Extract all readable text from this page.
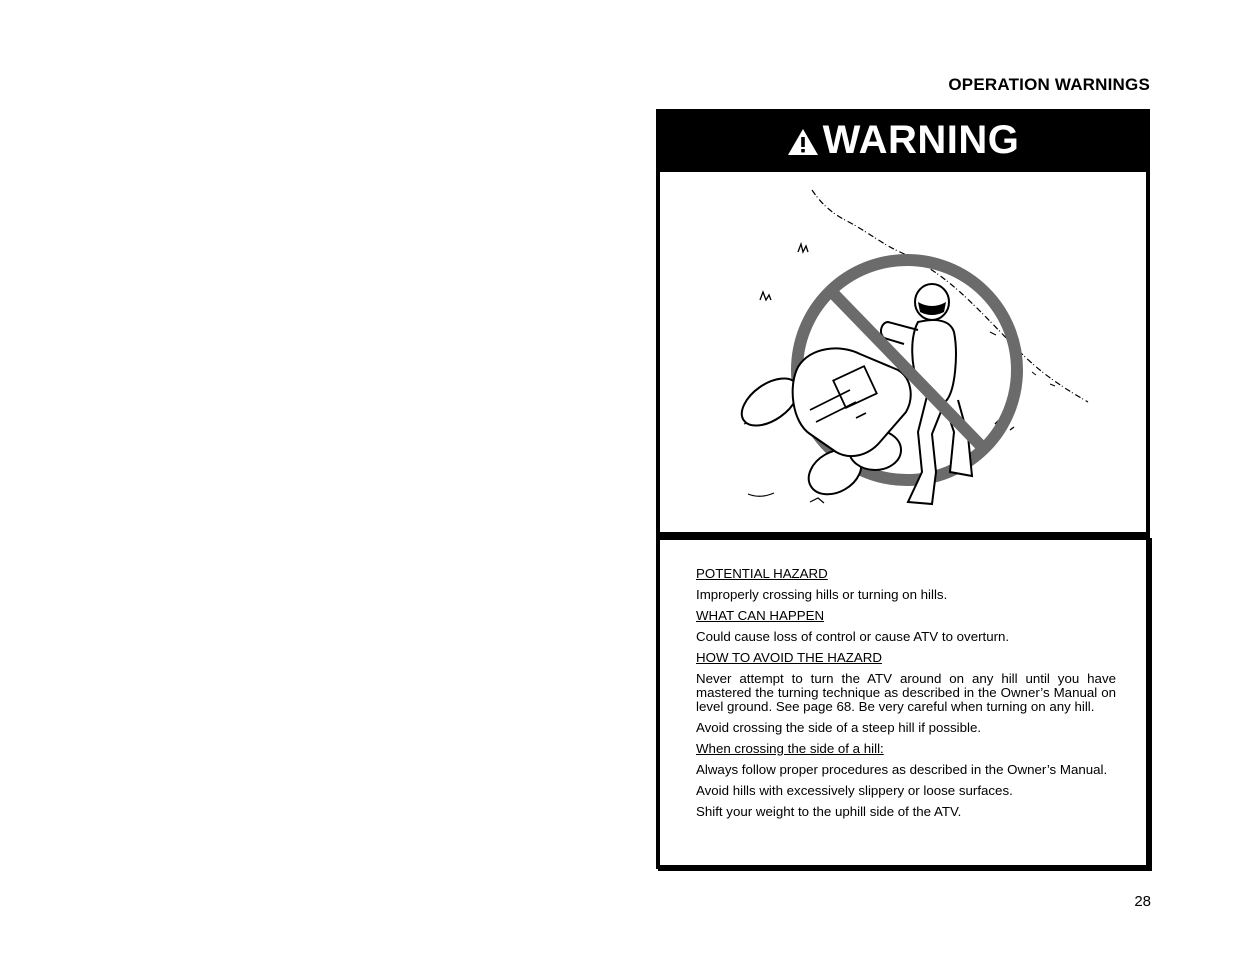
OPERATION WARNINGS
WARNING

POTENTIAL HAZARD

Improperly crossing hills or turning on hills.

WHAT CAN HAPPEN

Could cause loss of control or cause ATV to overturn.

HOW TO AVOID THE HAZARD

Never attempt to turn the ATV around on any hill until you have mastered the turning technique as described in the Owner’s Manual on level ground. See page 68. Be very careful when turning on any hill.

Avoid crossing the side of a steep hill if possible.

When crossing the side of a hill:

Always follow proper procedures as described in the Owner’s Manual.

Avoid hills with excessively slippery or loose surfaces.

Shift your weight to the uphill side of the ATV.

28
